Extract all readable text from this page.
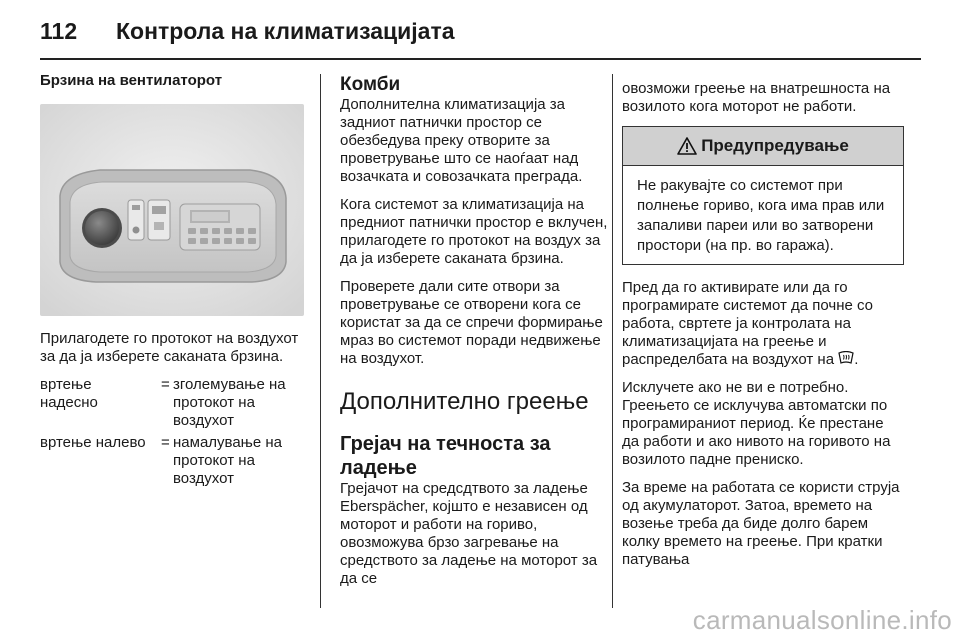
112 Контрола на климатизацијата
Брзина на вентилаторот

Прилагодете го протокот на воздухот за да ја изберете саканата брзина.

вртење надесно
= зголемување на протокот на воздухот
вртење налево = намалување на протокот на воздухот
Комби

Дополнителна климатизација за задниот патнички простор се обезбедува преку отворите за проветрување што се наоѓаат над возачката и совозачката преграда.

Кога системот за климатизација на предниот патнички простор е вклучен, прилагодете го протокот на воздух за да ја изберете саканата брзина.

Проверете дали сите отвори за проветрување се отворени кога се користат за да се спречи формирање мраз во системот поради недвижење на воздухот.

Дополнително греење
Грејач на течноста за ладење

Грејачот на средсдтвото за ладење Eberspächer, којшто е независен од моторот и работи на гориво, овозможува брзо загревање на средството за ладење на моторот за да се

овозможи греење на внатрешноста на возилото кога моторот не работи.

Предупредување
Не ракувајте со системот при полнење гориво, кога има прав или запаливи пареи или во затворени простори (на пр. во гаража).

Пред да го активирате или да го програмирате системот да почне со работа, свртете ја контролата на климатизацијата на греење и распределбата на воздухот на .

Исклучете ако не ви е потребно. Греењето се исклучува автоматски по програмираниот период. Ќе престане да работи и ако нивото на горивото на возилото падне прениско.

За време на работата се користи струја од акумулаторот. Затоа, времето на возење треба да биде долго барем колку времето на греење. При кратки патувања

carmanualsonline.info
